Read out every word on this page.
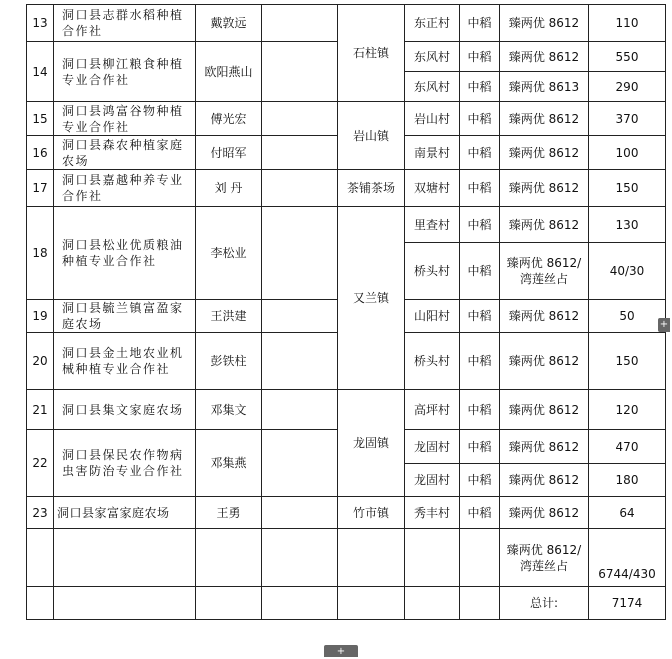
13	洞口县志群水稻种植合作社	戴敦远		石柱镇	东正村	中稻	臻两优 8612	110
14	洞口县柳江粮食种植专业合作社	欧阳燕山			东风村	中稻	臻两优 8612	550
					东风村	中稻	臻两优 8613	290
15	洞口县鸿富谷物种植专业合作社	傅光宏		岩山镇	岩山村	中稻	臻两优 8612	370
16	洞口县森农种植家庭农场	付昭军			南景村	中稻	臻两优 8612	100
17	洞口县嘉越种养专业合作社	刘 丹		茶铺茶场	双塘村	中稻	臻两优 8612	150
18	洞口县松业优质粮油种植专业合作社	李松业		又兰镇	里查村	中稻	臻两优 8612	130
					桥头村	中稻	臻两优 8612/湾莲丝占	40/30
19	洞口县毓兰镇富盈家庭农场	王洪建			山阳村	中稻	臻两优 8612	50
20	洞口县金土地农业机械种植专业合作社	彭铁柱			桥头村	中稻	臻两优 8612	150
21	洞口县集文家庭农场	邓集文		龙固镇	高坪村	中稻	臻两优 8612	120
22	洞口县保民农作物病虫害防治专业合作社	邓集燕			龙固村	中稻	臻两优 8612	470
					龙固村	中稻	臻两优 8612	180
23	洞口县家富家庭农场	王勇		竹市镇	秀丰村	中稻	臻两优 8612	64
							臻两优 8612/湾莲丝占	6744/430
							总计:	7174
+
+
